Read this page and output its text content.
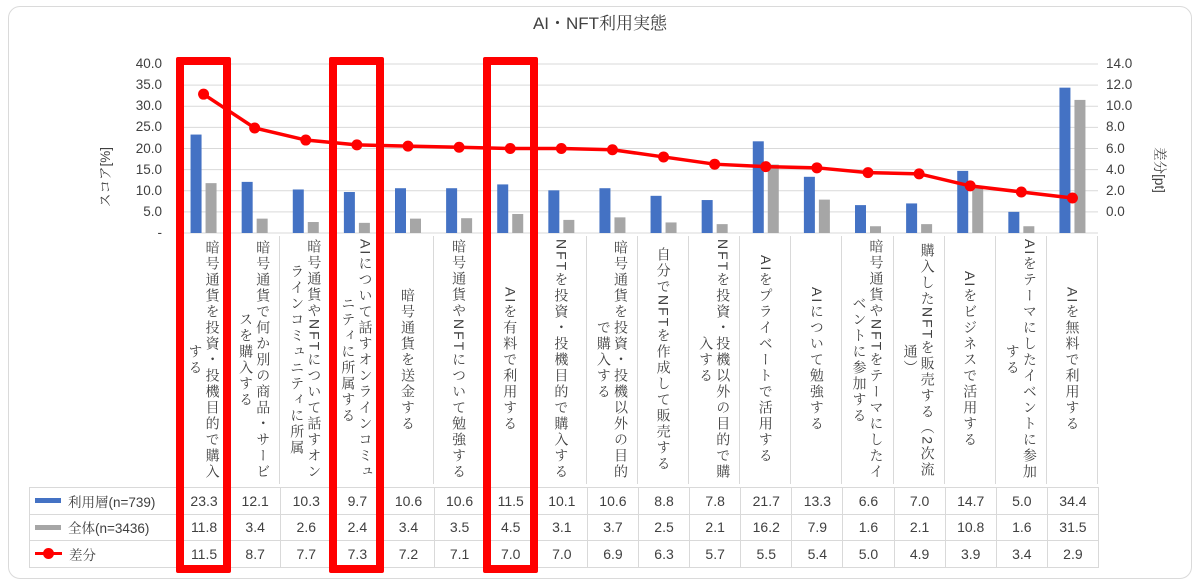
AI・NFT利用実態
スコア[%]	差分[pt]
40.0
35.0
30.0
25.0
20.0
15.0
10.0
5.0
-
14.0
12.0
10.0
8.0
6.0
4.0
2.0
0.0
暗号通貨を投資・投機目的で購入する	暗号通貨で何か別の商品・サービスを購入する	暗号通貨やNFTについて話すオンラインコミュニティに所属	AIについて話すオンラインコミュニティに所属する	暗号通貨を送金する	暗号通貨やNFTについて勉強する	AIを有料で利用する	NFTを投資・投機目的で購入する	暗号通貨を投資・投機以外の目的で購入する	自分でNFTを作成して販売する	NFTを投資・投機以外の目的で購入する	AIをプライベートで活用する	AIについて勉強する	暗号通貨やNFTをテーマにしたイベントに参加する	購入したNFTを販売する（2次流通）	AIをビジネスで活用する	AIをテーマにしたイベントに参加する	AIを無料で利用する
利用層(n=739)	23.3	12.1	10.3	9.7	10.6	10.6	11.5	10.1	10.6	8.8	7.8	21.7	13.3	6.6	7.0	14.7	5.0	34.4
全体(n=3436)	11.8	3.4	2.6	2.4	3.4	3.5	4.5	3.1	3.7	2.5	2.1	16.2	7.9	1.6	2.1	10.8	1.6	31.5
差分	11.5	8.7	7.7	7.3	7.2	7.1	7.0	7.0	6.9	6.3	5.7	5.5	5.4	5.0	4.9	3.9	3.4	2.9
